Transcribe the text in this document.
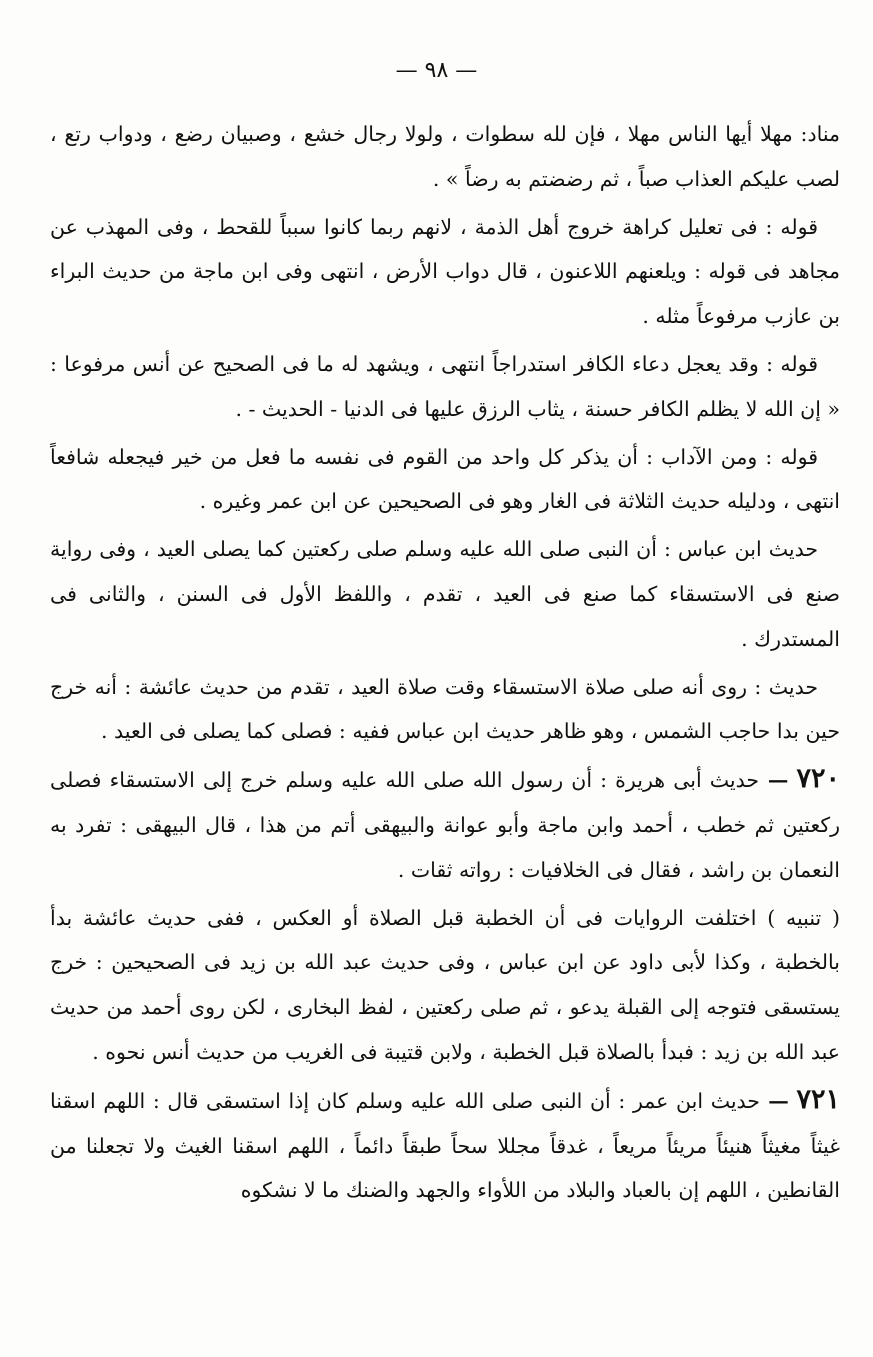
— ٩٨ —

مناد: مهلا أيها الناس مهلا ، فإن لله سطوات ، ولولا رجال خشع ، وصبيان رضع ، ودواب رتع ، لصب عليكم العذاب صباً ، ثم رضضتم به رضاً » .

قوله : فى تعليل كراهة خروج أهل الذمة ، لانهم ربما كانوا سبباً للقحط ، وفى المهذب عن مجاهد فى قوله : ويلعنهم اللاعنون ، قال دواب الأرض ، انتهى وفى ابن ماجة من حديث البراء بن عازب مرفوعاً مثله .

قوله : وقد يعجل دعاء الكافر استدراجاً انتهى ، ويشهد له ما فى الصحيح عن أنس مرفوعا : « إن الله لا يظلم الكافر حسنة ، يثاب الرزق عليها فى الدنيا - الحديث - .

قوله : ومن الآداب : أن يذكر كل واحد من القوم فى نفسه ما فعل من خير فيجعله شافعاً انتهى ، ودليله حديث الثلاثة فى الغار وهو فى الصحيحين عن ابن عمر وغيره .

حديث ابن عباس : أن النبى صلى الله عليه وسلم صلى ركعتين كما يصلى العيد ، وفى رواية صنع فى الاستسقاء كما صنع فى العيد ، تقدم ، واللفظ الأول فى السنن ، والثانى فى المستدرك .

حديث : روى أنه صلى صلاة الاستسقاء وقت صلاة العيد ، تقدم من حديث عائشة : أنه خرج حين بدا حاجب الشمس ، وهو ظاهر حديث ابن عباس ففيه : فصلى كما يصلى فى العيد .

٧٢٠ — حديث أبى هريرة : أن رسول الله صلى الله عليه وسلم خرج إلى الاستسقاء فصلى ركعتين ثم خطب ، أحمد وابن ماجة وأبو عوانة والبيهقى أتم من هذا ، قال البيهقى : تفرد به النعمان بن راشد ، فقال فى الخلافيات : رواته ثقات .

( تنبيه ) اختلفت الروايات فى أن الخطبة قبل الصلاة أو العكس ، ففى حديث عائشة بدأ بالخطبة ، وكذا لأبى داود عن ابن عباس ، وفى حديث عبد الله بن زيد فى الصحيحين : خرج يستسقى فتوجه إلى القبلة يدعو ، ثم صلى ركعتين ، لفظ البخارى ، لكن روى أحمد من حديث عبد الله بن زيد : فبدأ بالصلاة قبل الخطبة ، ولابن قتيبة فى الغريب من حديث أنس نحوه .

٧٢١ — حديث ابن عمر : أن النبى صلى الله عليه وسلم كان إذا استسقى قال : اللهم اسقنا غيثاً مغيثاً هنيئاً مريئاً مريعاً ، غدقاً مجللا سحاً طبقاً دائماً ، اللهم اسقنا الغيث ولا تجعلنا من القانطين ، اللهم إن بالعباد والبلاد من اللأواء والجهد والضنك ما لا نشكوه
